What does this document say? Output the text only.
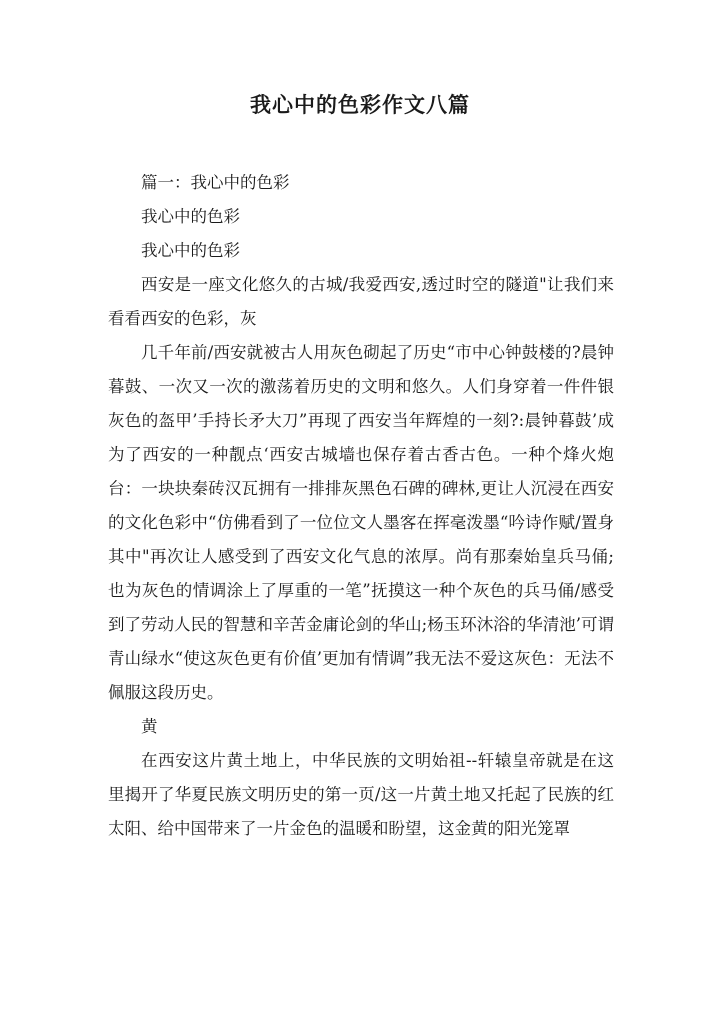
我心中的色彩作文八篇

篇一：我心中的色彩

我心中的色彩

我心中的色彩

西安是一座文化悠久的古城/我爱西安,透过时空的隧道"让我们来看看西安的色彩，灰

几千年前/西安就被古人用灰色砌起了历史“市中心钟鼓楼的?晨钟暮鼓、一次又一次的激荡着历史的文明和悠久。人们身穿着一件件银灰色的盔甲’手持长矛大刀”再现了西安当年辉煌的一刻?:晨钟暮鼓’成为了西安的一种靓点‘西安古城墙也保存着古香古色。一种个烽火炮台：一块块秦砖汉瓦拥有一排排灰黑色石碑的碑林,更让人沉浸在西安的文化色彩中“仿佛看到了一位位文人墨客在挥毫泼墨“吟诗作赋/置身其中"再次让人感受到了西安文化气息的浓厚。尚有那秦始皇兵马俑;也为灰色的情调涂上了厚重的一笔”抚摸这一种个灰色的兵马俑/感受到了劳动人民的智慧和辛苦金庸论剑的华山;杨玉环沐浴的华清池’可谓青山绿水“使这灰色更有价值’更加有情调”我无法不爱这灰色：无法不佩服这段历史。

黄

在西安这片黄土地上，中华民族的文明始祖--轩辕皇帝就是在这里揭开了华夏民族文明历史的第一页/这一片黄土地又托起了民族的红太阳、给中国带来了一片金色的温暖和盼望，这金黄的阳光笼罩
